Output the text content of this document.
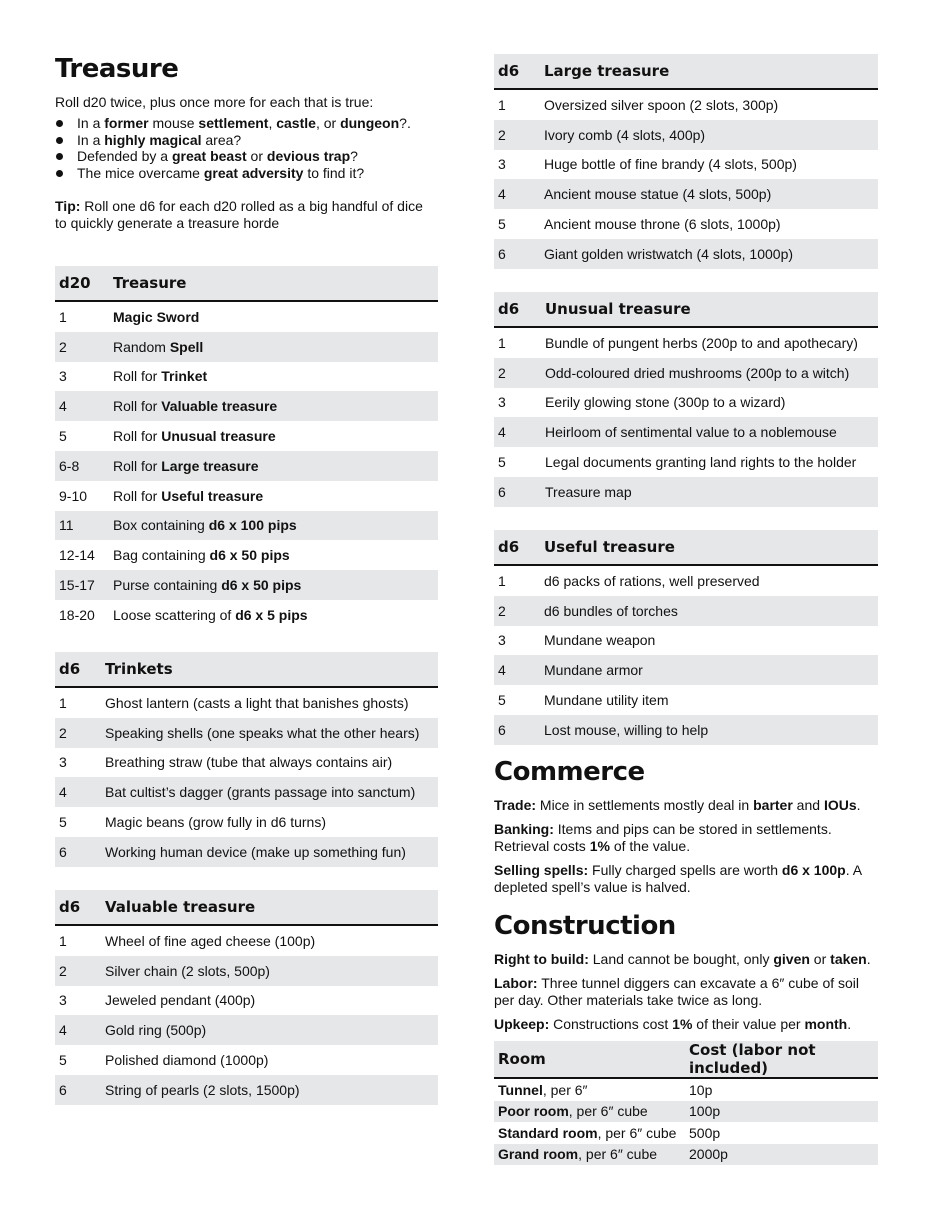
Treasure

Roll d20 twice, plus once more for each that is true:

In a former mouse settlement, castle, or dungeon?.
In a highly magical area?
Defended by a great beast or devious trap?
The mice overcame great adversity to find it?

Tip: Roll one d6 for each d20 rolled as a big handful of dice to quickly generate a treasure horde

d20	Treasure
1	Magic Sword
2	Random Spell
3	Roll for Trinket
4	Roll for Valuable treasure
5	Roll for Unusual treasure
6-8	Roll for Large treasure
9-10	Roll for Useful treasure
11	Box containing d6 x 100 pips
12-14	Bag containing d6 x 50 pips
15-17	Purse containing d6 x 50 pips
18-20	Loose scattering of d6 x 5 pips
d6	Trinkets
1	Ghost lantern (casts a light that banishes ghosts)
2	Speaking shells (one speaks what the other hears)
3	Breathing straw (tube that always contains air)
4	Bat cultist’s dagger (grants passage into sanctum)
5	Magic beans (grow fully in d6 turns)
6	Working human device (make up something fun)
d6	Valuable treasure
1	Wheel of fine aged cheese (100p)
2	Silver chain (2 slots, 500p)
3	Jeweled pendant (400p)
4	Gold ring (500p)
5	Polished diamond (1000p)
6	String of pearls (2 slots, 1500p)
d6	Large treasure
1	Oversized silver spoon (2 slots, 300p)
2	Ivory comb (4 slots, 400p)
3	Huge bottle of fine brandy (4 slots, 500p)
4	Ancient mouse statue (4 slots, 500p)
5	Ancient mouse throne (6 slots, 1000p)
6	Giant golden wristwatch (4 slots, 1000p)
d6	Unusual treasure
1	Bundle of pungent herbs (200p to and apothecary)
2	Odd-coloured dried mushrooms (200p to a witch)
3	Eerily glowing stone (300p to a wizard)
4	Heirloom of sentimental value to a noblemouse
5	Legal documents granting land rights to the holder
6	Treasure map
d6	Useful treasure
1	d6 packs of rations, well preserved
2	d6 bundles of torches
3	Mundane weapon
4	Mundane armor
5	Mundane utility item
6	Lost mouse, willing to help
Commerce

Trade: Mice in settlements mostly deal in barter and IOUs.

Banking: Items and pips can be stored in settlements. Retrieval costs 1% of the value.

Selling spells: Fully charged spells are worth d6 x 100p. A depleted spell’s value is halved.

Construction

Right to build: Land cannot be bought, only given or taken.

Labor: Three tunnel diggers can excavate a 6″ cube of soil per day. Other materials take twice as long.

Upkeep: Constructions cost 1% of their value per month.

Room	Cost (labor not included)
Tunnel, per 6″	10p
Poor room, per 6″ cube	100p
Standard room, per 6″ cube	500p
Grand room, per 6″ cube	2000p
